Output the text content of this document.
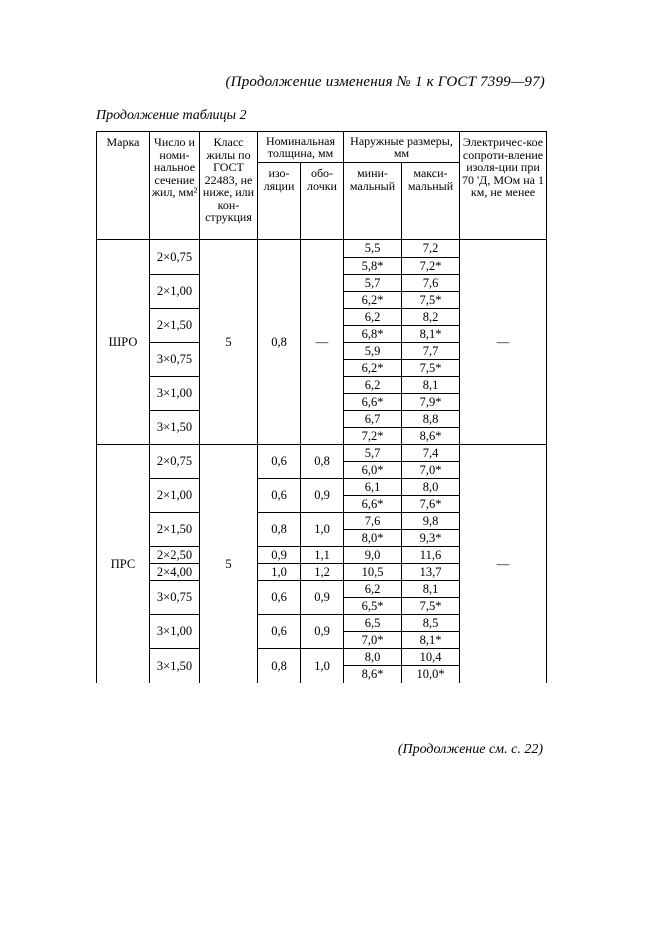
(Продолжение изменения № 1 к ГОСТ 7399—97)
Продолжение таблицы 2
Марка	Число и номи-нальное сечение жил, мм²	Класс жилы по ГОСТ 22483, не ниже, или кон-струкция	Номинальная толщина, мм		Наружные размеры, мм		Электричес-кое сопроти-вление изоля-ции при 70 'Д, МОм на 1 км, не менее
			изо-ляции	обо-лочки	мини-мальный	макси-мальный	
ШРО	2×0,75	5	0,8	—	5,5	7,2	—
					5,8*	7,2*	
	2×1,00				5,7	7,6	
					6,2*	7,5*	
	2×1,50				6,2	8,2	
					6,8*	8,1*	
	3×0,75				5,9	7,7	
					6,2*	7,5*	
	3×1,00				6,2	8,1	
					6,6*	7,9*	
	3×1,50				6,7	8,8	
					7,2*	8,6*	
ПРС	2×0,75	5	0,6	0,8	5,7	7,4	—
					6,0*	7,0*	
	2×1,00		0,6	0,9	6,1	8,0	
					6,6*	7,6*	
	2×1,50		0,8	1,0	7,6	9,8	
					8,0*	9,3*	
	2×2,50		0,9	1,1	9,0	11,6	
	2×4,00		1,0	1,2	10,5	13,7	
	3×0,75		0,6	0,9	6,2	8,1	
					6,5*	7,5*	
	3×1,00		0,6	0,9	6,5	8,5	
					7,0*	8,1*	
	3×1,50		0,8	1,0	8,0	10,4	
					8,6*	10,0*	
(Продолжение см. с. 22)
